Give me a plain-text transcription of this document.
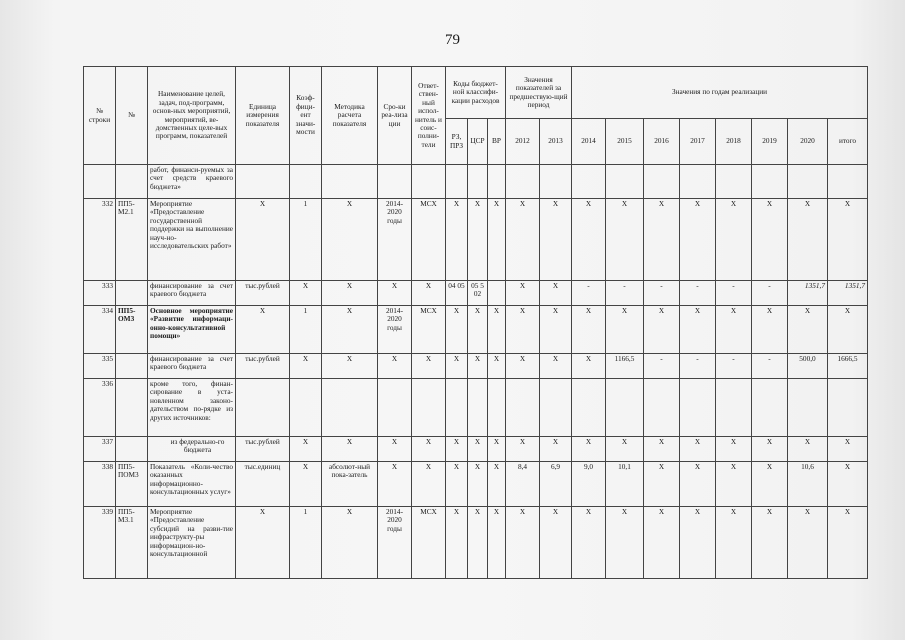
79
№ строки	№	Наименование целей, задач, под-программ, основ-ных мероприятий, мероприятий, ве-домственных целе-вых программ, показателей	Единица измерения показателя	Коэф-фици-ент значи-мости	Методика расчета показателя	Сро-ки реа-лиза ции	Ответ-ствен-ный испол-нитель и соис-полни-тели	Коды бюджет-ной классифи-кации расходов			Значения показателей за предшествую-щий период		Значения по годам реализации							
								РЗ, ПРЗ	ЦСР	ВР	2012	2013	2014	2015	2016	2017	2018	2019	2020	итого
		работ, финанси-руемых за счет средств краевого бюджета»																		
332	ПП5-М2.1	Мероприятие «Предоставление государственной поддержки на выполнение науч-но-исследовательских работ»	Х	1	Х	2014-2020 годы	МСХ	Х	Х	Х	Х	Х	Х	Х	Х	Х	Х	Х	Х	Х
333		финансирование за счет краевого бюджета	тыс.рублей	Х	Х	Х	Х	04 05	05 5 02		Х	Х	-	-	-	-	-	-	1351,7	1351,7
334	ПП5-ОМ3	Основное мероприятие «Развитие информаци-онно-консультативной помощи»	Х	1	Х	2014-2020 годы	МСХ	Х	Х	Х	Х	Х	Х	Х	Х	Х	Х	Х	Х	Х
335		финансирование за счет краевого бюджета	тыс.рублей	Х	Х	Х	Х	Х	Х	Х	Х	Х	Х	1166,5	-	-	-	-	500,0	1666,5
336		кроме того, финан-сирование в уста-новленном законо-дательством по-рядке из других источников:																		
337		из федерально-го бюджета	тыс.рублей	Х	Х	Х	Х	Х	Х	Х	Х	Х	Х	Х	Х	Х	Х	Х	Х	Х
338	ПП5-ПОМ3	Показатель «Коли-чество оказанных информационно-консультационных услуг»	тыс.единиц	Х	абсолют-ный пока-затель	Х	Х	Х	Х	Х	8,4	6,9	9,0	10,1	Х	Х	Х	Х	10,6	Х
339	ПП5-М3.1	Мероприятие «Предоставление субсидий на разви-тие инфраструкту-ры информацион-но-консультационной	Х	1	Х	2014-2020 годы	МСХ	Х	Х	Х	Х	Х	Х	Х	Х	Х	Х	Х	Х	Х
